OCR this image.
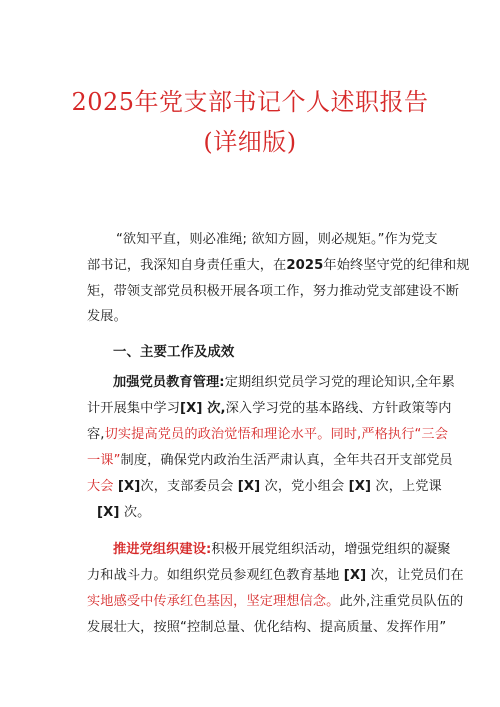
2025年党支部书记个人述职报告
(详细版)
“欲知平直，则必准绳; 欲知方圆，则必规矩。”作为党支
部书记，我深知自身责任重大，在2025年始终坚守党的纪律和规
矩，带领支部党员积极开展各项工作，努力推动党支部建设不断
发展。
一、主要工作及成效
加强党员教育管理:定期组织党员学习党的理论知识,全年累
计开展集中学习[X] 次,深入学习党的基本路线、方针政策等内
容,切实提高党员的政治觉悟和理论水平。同时,严格执行“三会
一课”制度，确保党内政治生活严肃认真，全年共召开支部党员
大会 [X]次，支部委员会 [X] 次，党小组会 [X] 次，上党课
[X] 次。
推进党组织建设:积极开展党组织活动，增强党组织的凝聚
力和战斗力。如组织党员参观红色教育基地 [X] 次，让党员们在
实地感受中传承红色基因，坚定理想信念。此外,注重党员队伍的
发展壮大，按照“控制总量、优化结构、提高质量、发挥作用”
